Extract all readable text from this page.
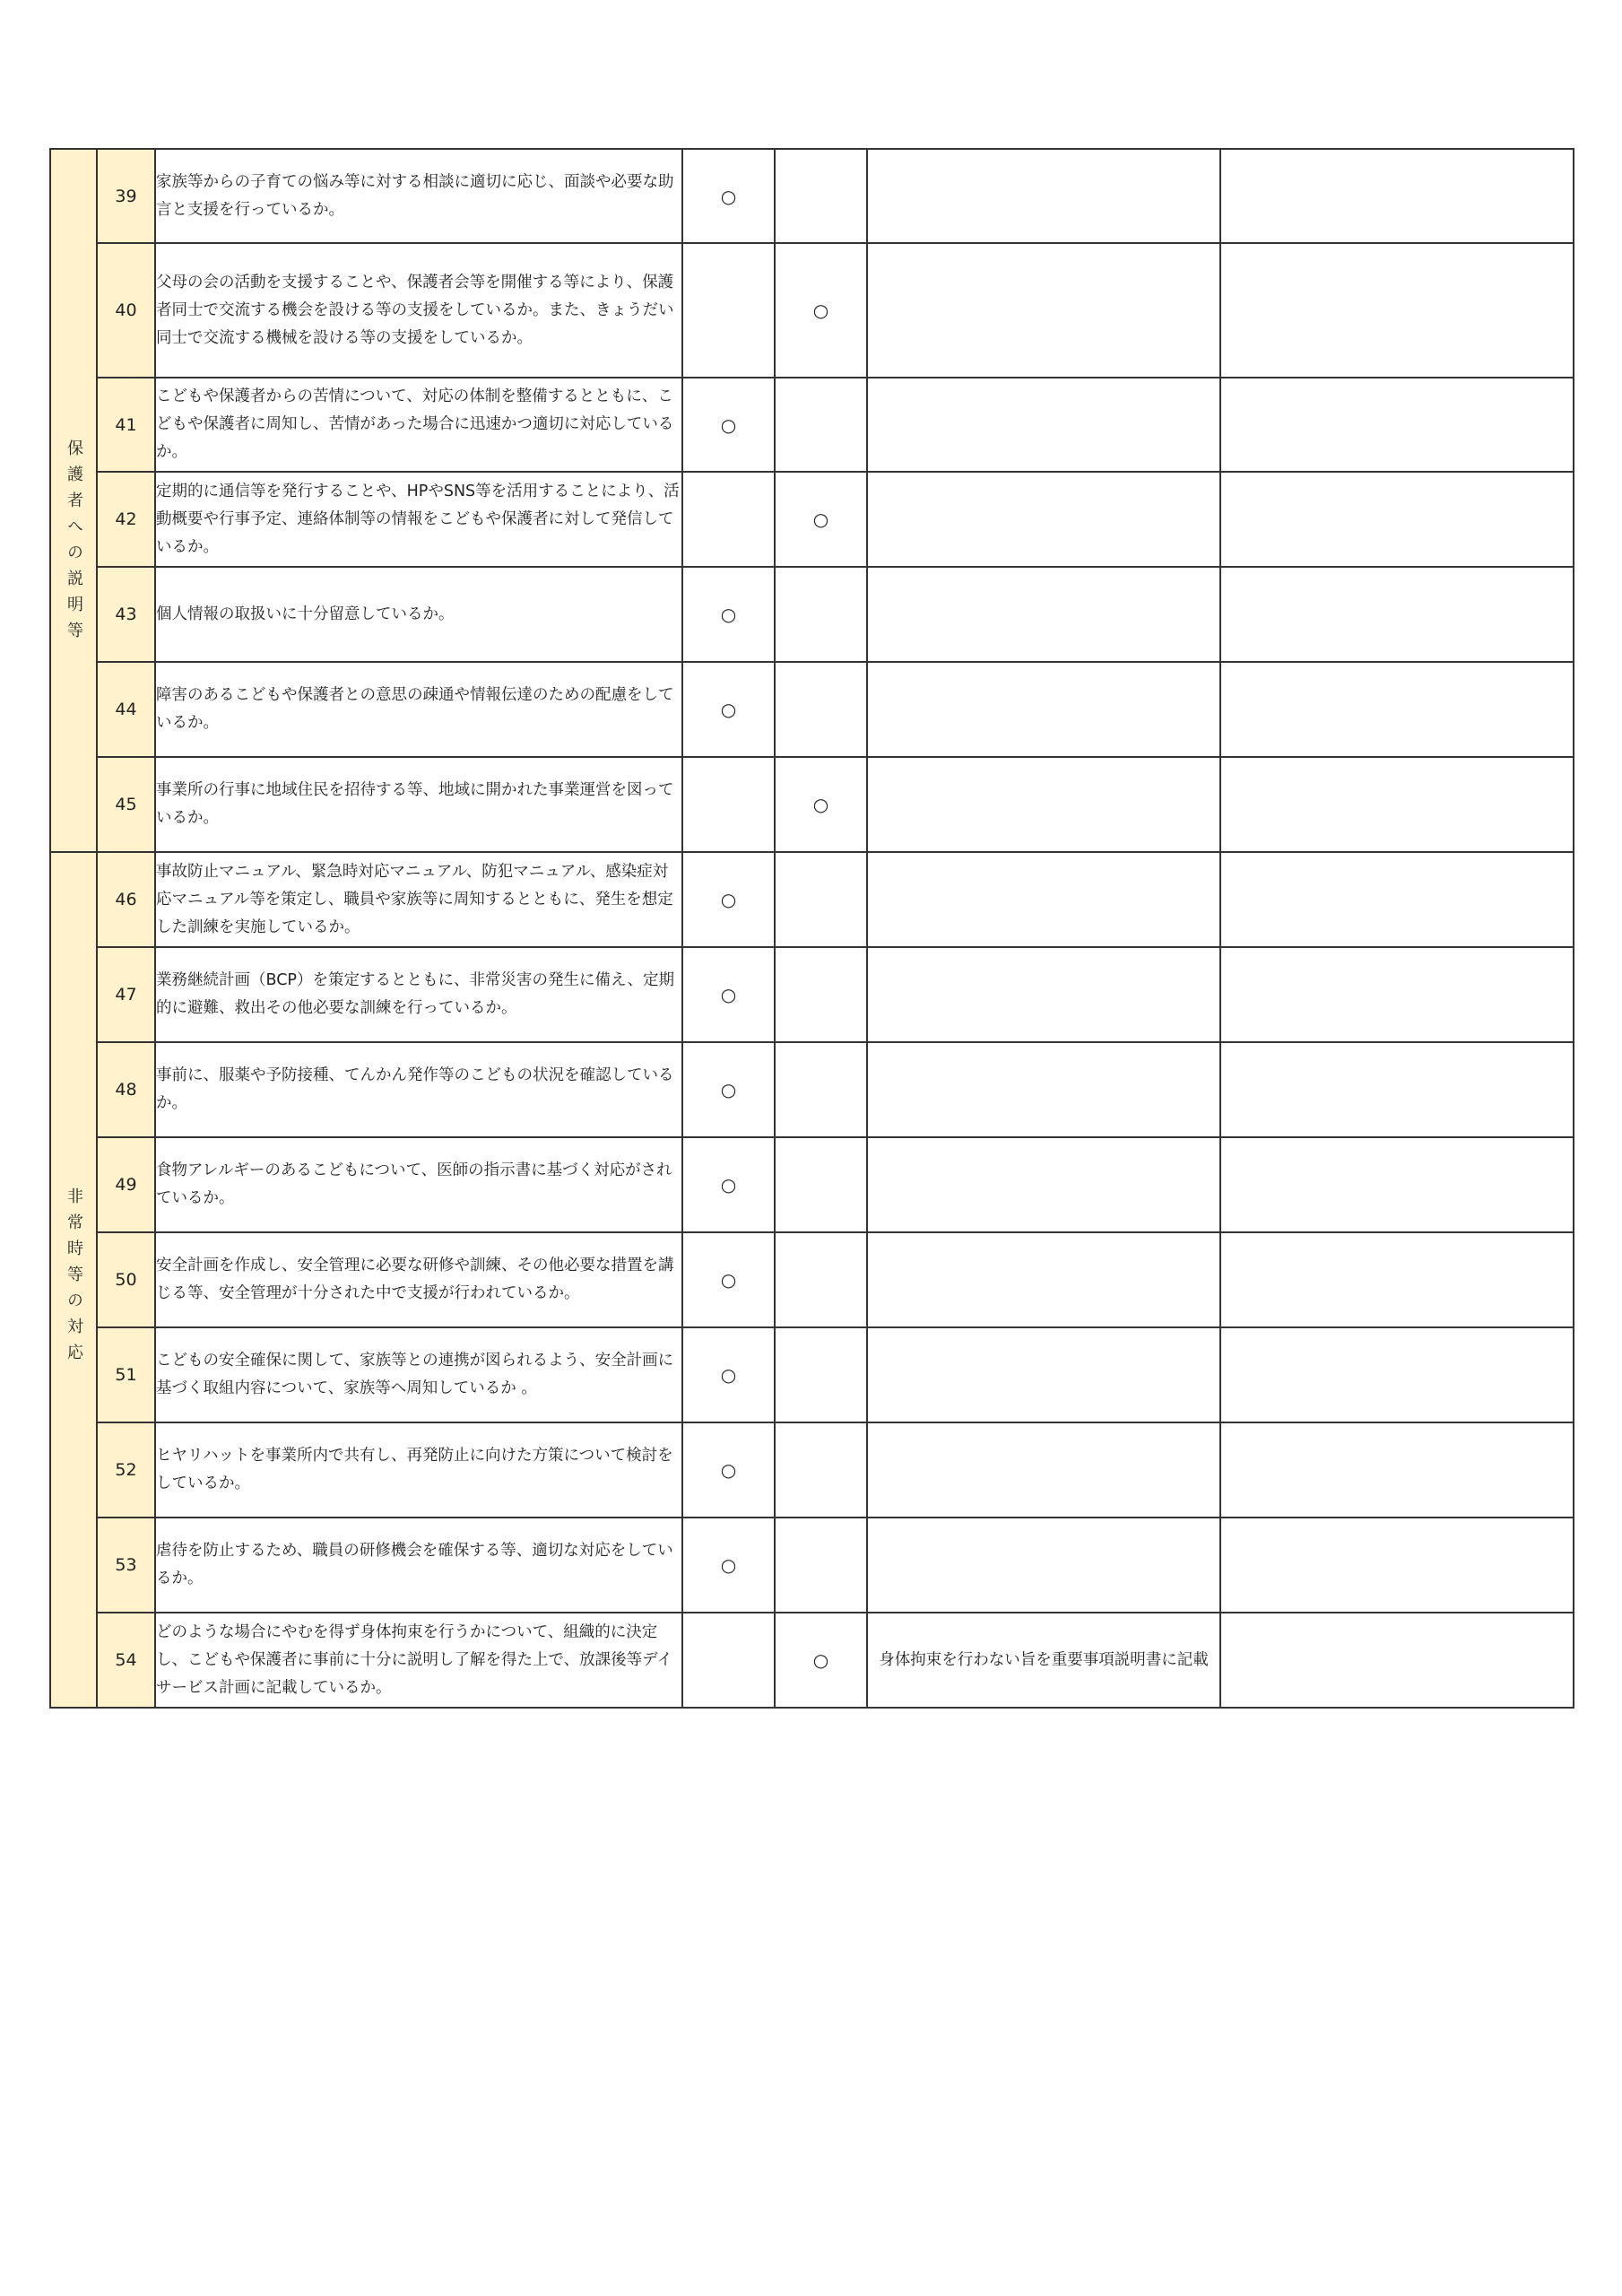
保護者への説明等	39	家族等からの子育ての悩み等に対する相談に適切に応じ、面談や必要な助言と支援を行っているか。	○			
	40	父母の会の活動を支援することや、保護者会等を開催する等により、保護者同士で交流する機会を設ける等の支援をしているか。また、きょうだい同士で交流する機械を設ける等の支援をしているか。		○		
	41	こどもや保護者からの苦情について、対応の体制を整備するとともに、こどもや保護者に周知し、苦情があった場合に迅速かつ適切に対応しているか。	○			
	42	定期的に通信等を発行することや、HPやSNS等を活用することにより、活動概要や行事予定、連絡体制等の情報をこどもや保護者に対して発信しているか。		○		
	43	個人情報の取扱いに十分留意しているか。	○			
	44	障害のあるこどもや保護者との意思の疎通や情報伝達のための配慮をしているか。	○			
	45	事業所の行事に地域住民を招待する等、地域に開かれた事業運営を図っているか。		○		
非常時等の対応	46	事故防止マニュアル、緊急時対応マニュアル、防犯マニュアル、感染症対応マニュアル等を策定し、職員や家族等に周知するとともに、発生を想定した訓練を実施しているか。	○			
	47	業務継続計画（BCP）を策定するとともに、非常災害の発生に備え、定期的に避難、救出その他必要な訓練を行っているか。	○			
	48	事前に、服薬や予防接種、てんかん発作等のこどもの状況を確認しているか。	○			
	49	食物アレルギーのあるこどもについて、医師の指示書に基づく対応がされているか。	○			
	50	安全計画を作成し、安全管理に必要な研修や訓練、その他必要な措置を講じる等、安全管理が十分された中で支援が行われているか。	○			
	51	こどもの安全確保に関して、家族等との連携が図られるよう、安全計画に基づく取組内容について、家族等へ周知しているか 。	○			
	52	ヒヤリハットを事業所内で共有し、再発防止に向けた方策について検討をしているか。	○			
	53	虐待を防止するため、職員の研修機会を確保する等、適切な対応をしているか。	○			
	54	どのような場合にやむを得ず身体拘束を行うかについて、組織的に決定し、こどもや保護者に事前に十分に説明し了解を得た上で、放課後等デイサービス計画に記載しているか。		○	身体拘束を行わない旨を重要事項説明書に記載	
